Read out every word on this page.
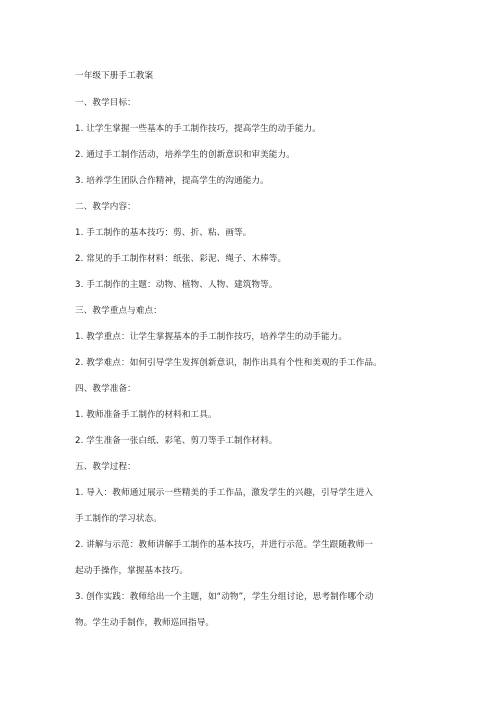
一年级下册手工教案
一、教学目标：
1. 让学生掌握一些基本的手工制作技巧，提高学生的动手能力。
2. 通过手工制作活动，培养学生的创新意识和审美能力。
3. 培养学生团队合作精神，提高学生的沟通能力。
二、教学内容：
1. 手工制作的基本技巧：剪、折、粘、画等。
2. 常见的手工制作材料：纸张、彩泥、绳子、木棒等。
3. 手工制作的主题：动物、植物、人物、建筑物等。
三、教学重点与难点：
1. 教学重点：让学生掌握基本的手工制作技巧，培养学生的动手能力。
2. 教学难点：如何引导学生发挥创新意识，制作出具有个性和美观的手工作品。
四、教学准备：
1. 教师准备手工制作的材料和工具。
2. 学生准备一张白纸、彩笔、剪刀等手工制作材料。
五、教学过程：
1. 导入：教师通过展示一些精美的手工作品，激发学生的兴趣，引导学生进入
手工制作的学习状态。
2. 讲解与示范：教师讲解手工制作的基本技巧，并进行示范。学生跟随教师一
起动手操作，掌握基本技巧。
3. 创作实践：教师给出一个主题，如“动物”，学生分组讨论，思考制作哪个动
物。学生动手制作，教师巡回指导。
